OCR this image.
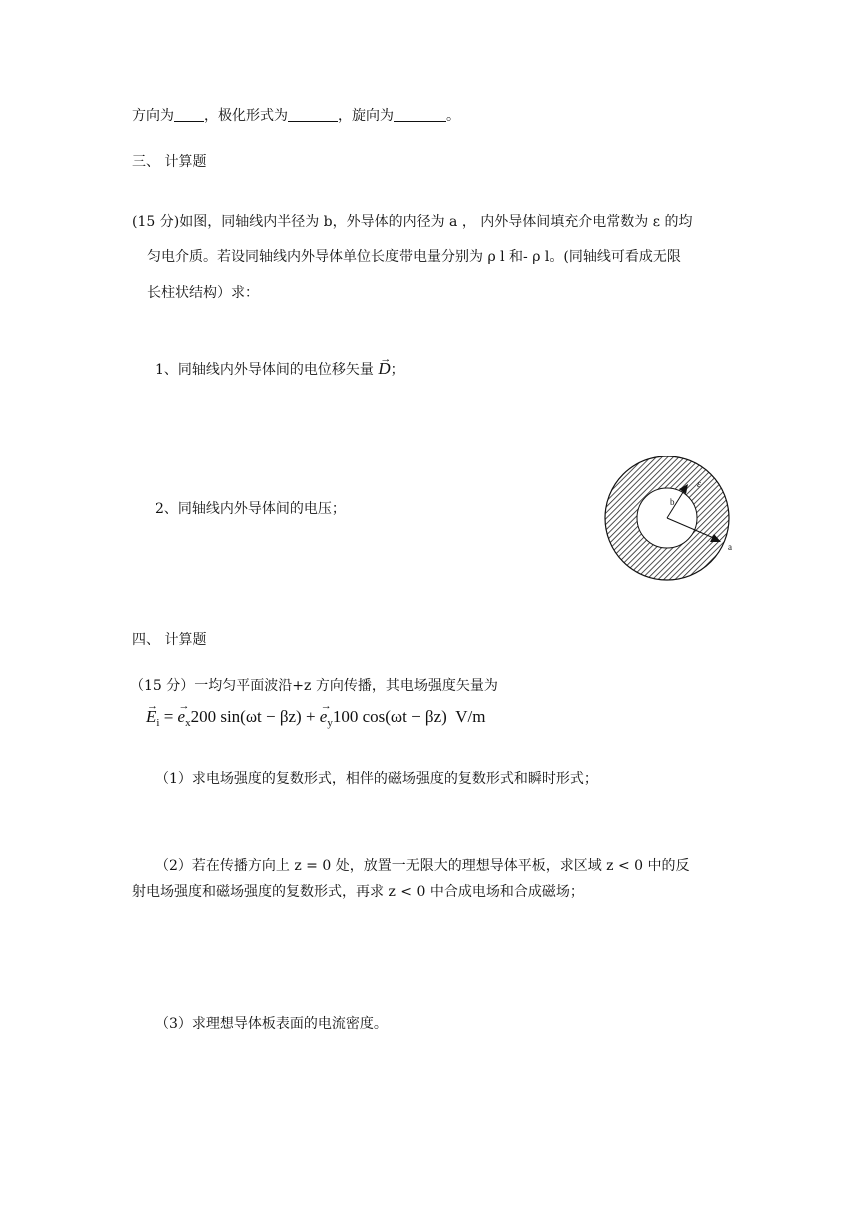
方向为 ，极化形式为	，旋向为	。
三、 计算题
(15 分)如图，同轴线内半径为 b，外导体的内径为 a ， 内外导体间填充介电常数为 ε 的均
匀电介质。若设同轴线内外导体单位长度带电量分别为 ρ l 和- ρ l。(同轴线可看成无限
长柱状结构）求：
1、同轴线内外导体间的电位移矢量 → D；
2、同轴线内外导体间的电压；	b
ε
a
四、 计算题
（15 分）一均匀平面波沿+z 方向传播，其电场强度矢量为
→ $E_i$ = → $e_x200$ sin(ωt − βz) + → $e_y100$ cos(ωt − βz) V/m
（1）求电场强度的复数形式，相伴的磁场强度的复数形式和瞬时形式；
（2）若在传播方向上 z = 0 处，放置一无限大的理想导体平板，求区域 z < 0 中的反
射电场强度和磁场强度的复数形式，再求 z < 0 中合成电场和合成磁场；
（3）求理想导体板表面的电流密度。
